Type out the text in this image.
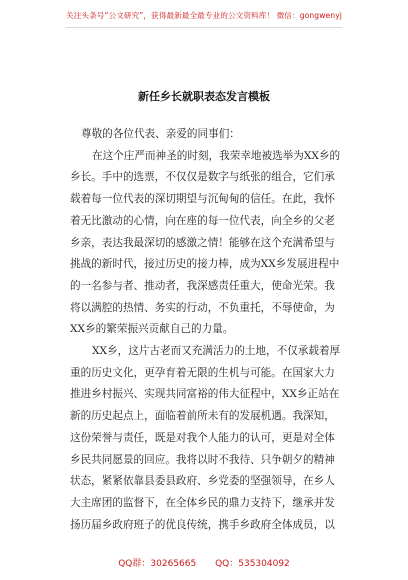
关注头条号“公文研究”，获得最新最全最专业的公文资料库！ 微信：gongwenyj
新任乡长就职表态发言模板

尊敬的各位代表、亲爱的同事们：

在这个庄严而神圣的时刻，我荣幸地被选举为XX乡的

乡长。手中的选票，不仅仅是数字与纸张的组合，它们承

载着每一位代表的深切期望与沉甸甸的信任。在此，我怀

着无比激动的心情，向在座的每一位代表，向全乡的父老

乡亲，表达我最深切的感激之情！能够在这个充满希望与

挑战的新时代，接过历史的接力棒，成为XX乡发展进程中

的一名参与者、推动者，我深感责任重大，使命光荣。我

将以满腔的热情、务实的行动，不负重托，不辱使命，为

XX乡的繁荣振兴贡献自己的力量。

XX乡，这片古老而又充满活力的土地，不仅承载着厚

重的历史文化，更孕育着无限的生机与可能。在国家大力

推进乡村振兴、实现共同富裕的伟大征程中，XX乡正站在

新的历史起点上，面临着前所未有的发展机遇。我深知，

这份荣誉与责任，既是对我个人能力的认可，更是对全体

乡民共同愿景的回应。我将以时不我待、只争朝夕的精神

状态，紧紧依靠县委县政府、乡党委的坚强领导，在乡人

大主席团的监督下，在全体乡民的鼎力支持下，继承并发

扬历届乡政府班子的优良传统，携手乡政府全体成员，以

QQ群：30265665 QQ：535304092
